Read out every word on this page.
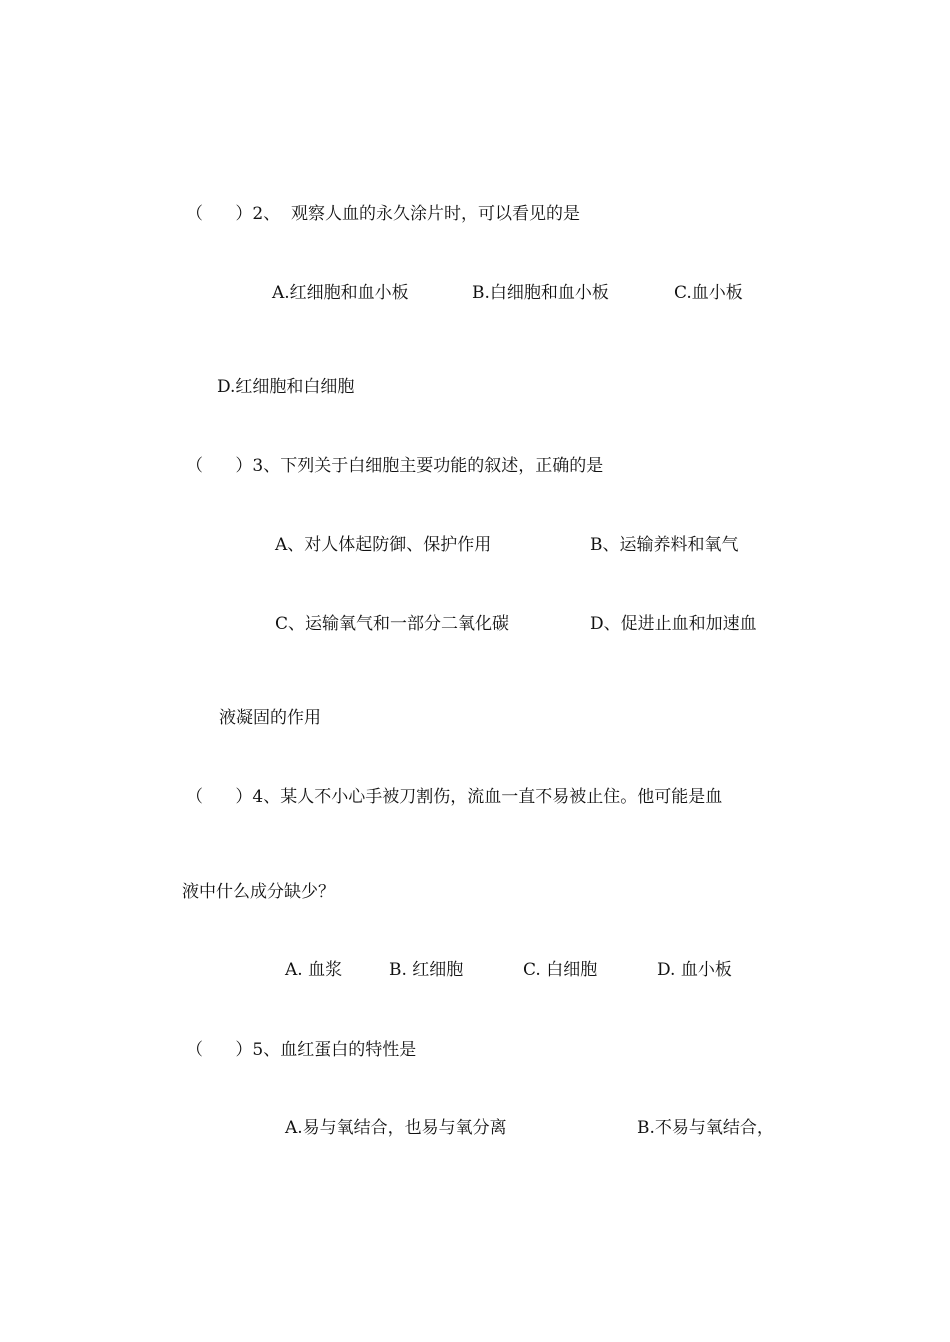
（      ）2、  观察人血的永久涂片时，可以看见的是
A.红细胞和血小板	B.白细胞和血小板	C.血小板
D.红细胞和白细胞
（      ）3、下列关于白细胞主要功能的叙述，正确的是
A、对人体起防御、保护作用	B、运输养料和氧气
C、运输氧气和一部分二氧化碳	D、促进止血和加速血
液凝固的作用
（      ）4、某人不小心手被刀割伤，流血一直不易被止住。他可能是血
液中什么成分缺少？
A. 血浆	B. 红细胞	C. 白细胞	D. 血小板
（      ）5、血红蛋白的特性是
A.易与氧结合，也易与氧分离	B.不易与氧结合，
